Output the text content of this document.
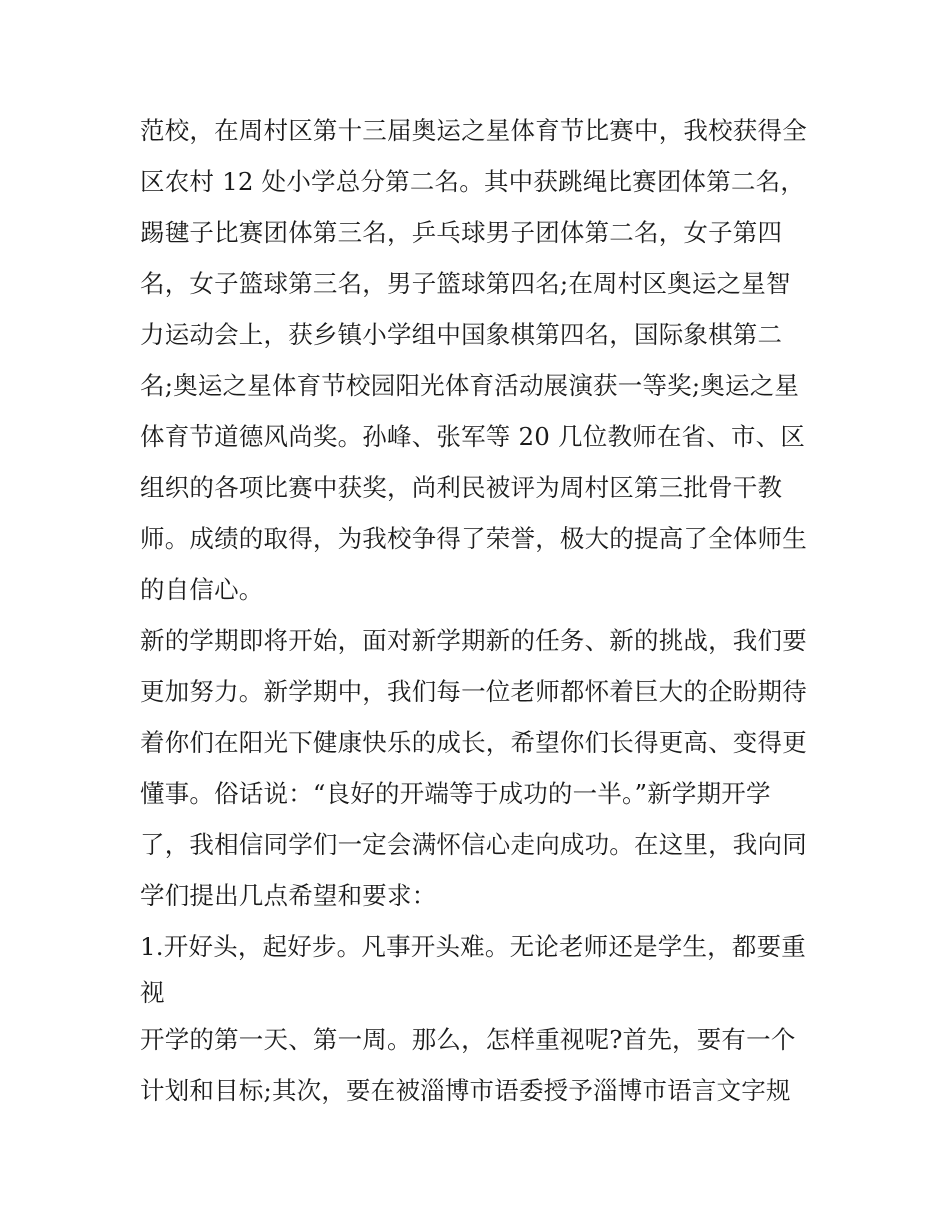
范校，在周村区第十三届奥运之星体育节比赛中，我校获得全
区农村 12 处小学总分第二名。其中获跳绳比赛团体第二名，
踢毽子比赛团体第三名，乒乓球男子团体第二名，女子第四
名，女子篮球第三名，男子篮球第四名;在周村区奥运之星智
力运动会上，获乡镇小学组中国象棋第四名，国际象棋第二
名;奥运之星体育节校园阳光体育活动展演获一等奖;奥运之星
体育节道德风尚奖。孙峰、张军等 20 几位教师在省、市、区
组织的各项比赛中获奖，尚利民被评为周村区第三批骨干教
师。成绩的取得，为我校争得了荣誉，极大的提高了全体师生
的自信心。
新的学期即将开始，面对新学期新的任务、新的挑战，我们要
更加努力。新学期中，我们每一位老师都怀着巨大的企盼期待
着你们在阳光下健康快乐的成长，希望你们长得更高、变得更
懂事。俗话说：“良好的开端等于成功的一半。”新学期开学
了，我相信同学们一定会满怀信心走向成功。在这里，我向同
学们提出几点希望和要求：
1.开好头，起好步。凡事开头难。无论老师还是学生，都要重
视
开学的第一天、第一周。那么，怎样重视呢?首先，要有一个
计划和目标;其次，要在被淄博市语委授予淄博市语言文字规
